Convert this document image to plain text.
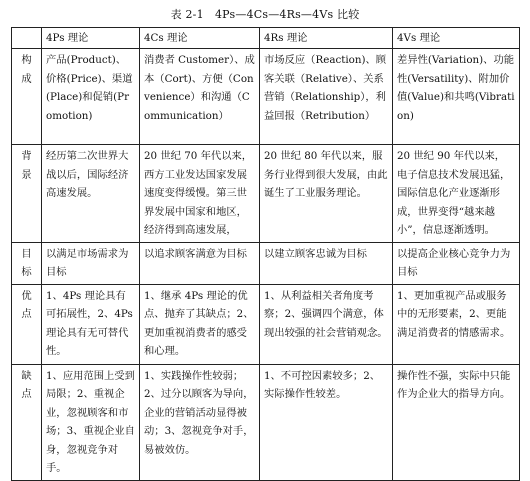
表 2-1　4Ps—4Cs—4Rs—4Vs 比较
	4Ps 理论	4Cs 理论	4Rs 理论	4Vs 理论

构
成	产品(Product)、价格(Price)、渠道(Place)和促销(Promotion)	消费者 Customer）、成本（Cort)、方便（Convenience）和沟通（Communication）	市场反应（Reaction)、顾客关联（Relative）、关系营销（Relationship），利益回报（Retribution）	差异性(Variation)、功能性(Versatility)、附加价值(Value)和共鸣(Vibration)

背
景	经历第二次世界大战以后，国际经济高速发展。	20 世纪 70 年代以来，西方工业发达国家发展速度变得缓慢。第三世界发展中国家和地区，经济得到高速发展，	20 世纪 80 年代以来，服务行业得到很大发展，由此诞生了工业服务理论。	20 世纪 90 年代以来，电子信息技术发展迅猛，国际信息化产业逐渐形成，世界变得“越来越小”，信息逐渐透明。

目
标	以满足市场需求为目标	以追求顾客满意为目标	以建立顾客忠诚为目标	以提高企业核心竞争力为目标

优
点	1、4Ps 理论具有可拓展性，2、4Ps 理论具有无可替代性。	1、继承 4Ps 理论的优点、抛弃了其缺点；2、更加重视消费者的感受和心理。	1、从利益相关者角度考察；2、强调四个满意，体现出较强的社会营销观念。	1、更加重视产品或服务中的无形要素，2、更能满足消费者的情感需求。

缺
点	1、应用范围上受到局限；2、重视企业，忽视顾客和市场；3、重视企业自身，忽视竞争对手。	1、实践操作性较弱；2、过分以顾客为导向，企业的营销活动显得被动；3、忽视竞争对手，易被效仿。	1、不可控因素较多；2、实际操作性较差。	操作性不强，实际中只能作为企业大的指导方向。
